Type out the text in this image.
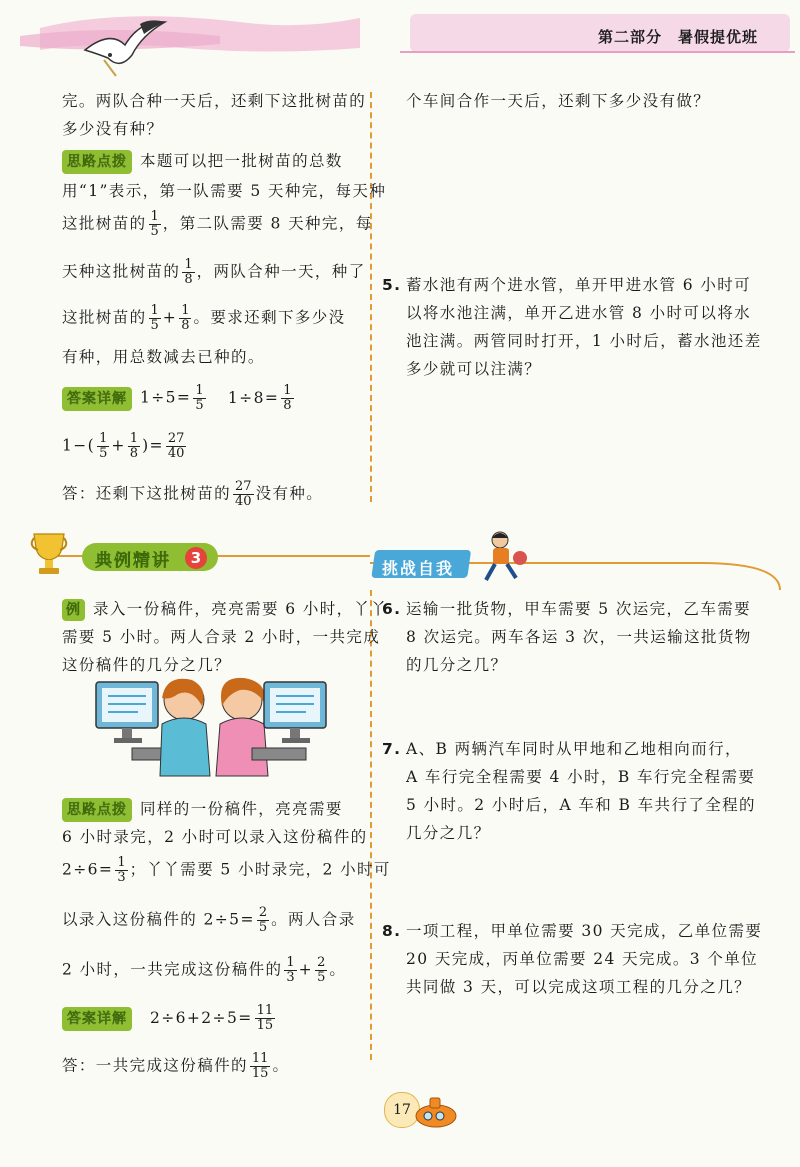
第二部分　暑假提优班
完。两队合种一天后，还剩下这批树苗的
多少没有种？
思路点拨 本题可以把一批树苗的总数
用“1”表示，第一队需要 5 天种完，每天种
这批树苗的 $\frac{1}{5}$ ，第二队需要 8 天种完，每
天种这批树苗的 $\frac{1}{8}$ ，两队合种一天，种了
这批树苗的 $\frac{1}{5} + \frac{1}{8}$ 。要求还剩下多少没
有种，用总数减去已种的。
答案详解 $1\div 5= \frac{1}{5} 1\div 8= \frac{1}{8}$
$1-( \frac{1}{5} + \frac{1}{8}$ )= $\frac{27}{40}$
答：还剩下这批树苗的 $\frac{27}{40}$ 没有种。
个车间合作一天后，还剩下多少没有做？
5. 蓄水池有两个进水管，单开甲进水管 6 小时可
以将水池注满，单开乙进水管 8 小时可以将水
池注满。两管同时打开，1 小时后，蓄水池还差
多少就可以注满？
典例精讲	3
挑战自我
例 录入一份稿件，亮亮需要 6 小时，丫丫
需要 5 小时。两人合录 2 小时，一共完成
这份稿件的几分之几？
思路点拨 同样的一份稿件，亮亮需要
6 小时录完，2 小时可以录入这份稿件的
$2\div 6= \frac{1}{3}$ ；丫丫需要 5 小时录完，2 小时可
以录入这份稿件的 $2\div 5= \frac{2}{5}$ 。两人合录
2 小时，一共完成这份稿件的 $\frac{1}{3} + \frac{2}{5}$ 。
答案详解 $2\div 6+2\div 5= \frac{11}{15}$
答：一共完成这份稿件的 $\frac{11}{15}$ 。
6. 运输一批货物，甲车需要 5 次运完，乙车需要
8 次运完。两车各运 3 次，一共运输这批货物
的几分之几？
7. A、B 两辆汽车同时从甲地和乙地相向而行，
A 车行完全程需要 4 小时，B 车行完全程需要
5 小时。2 小时后，A 车和 B 车共行了全程的
几分之几？
8. 一项工程，甲单位需要 30 天完成，乙单位需要
20 天完成，丙单位需要 24 天完成。3 个单位
共同做 3 天，可以完成这项工程的几分之几？
17
